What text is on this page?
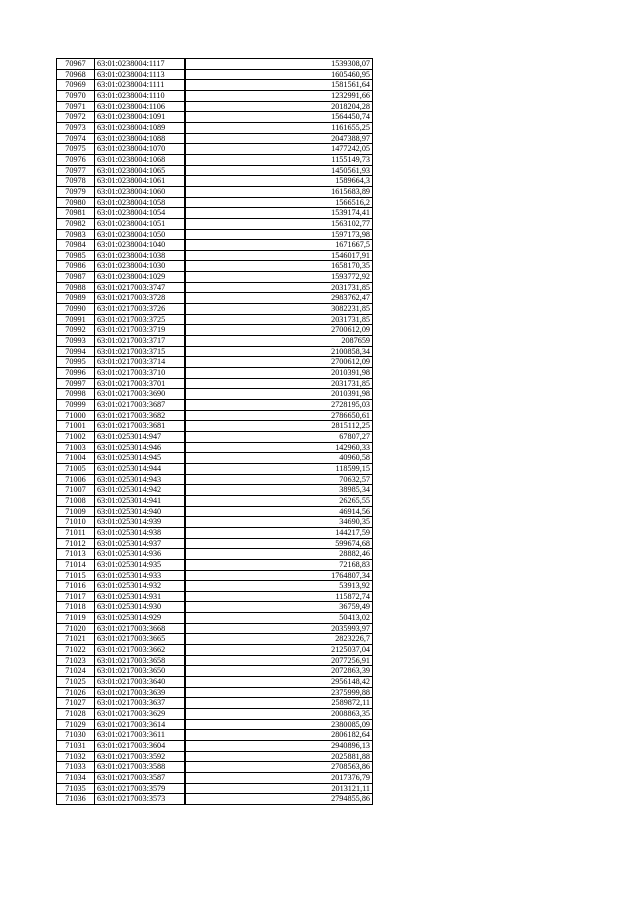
70967	63:01:0238004:1117	1539308,07
70968	63:01:0238004:1113	1605460,95
70969	63:01:0238004:1111	1581561,64
70970	63:01:0238004:1110	1232991,66
70971	63:01:0238004:1106	2018204,28
70972	63:01:0238004:1091	1564450,74
70973	63:01:0238004:1089	1161655,25
70974	63:01:0238004:1088	2047388,97
70975	63:01:0238004:1070	1477242,05
70976	63:01:0238004:1068	1155149,73
70977	63:01:0238004:1065	1450561,93
70978	63:01:0238004:1061	1589664,3
70979	63:01:0238004:1060	1615683,89
70980	63:01:0238004:1058	1566516,2
70981	63:01:0238004:1054	1539174,41
70982	63:01:0238004:1051	1563102,77
70983	63:01:0238004:1050	1597173,98
70984	63:01:0238004:1040	1671667,5
70985	63:01:0238004:1038	1546017,91
70986	63:01:0238004:1030	1658170,35
70987	63:01:0238004:1029	1593772,92
70988	63:01:0217003:3747	2031731,85
70989	63:01:0217003:3728	2983762,47
70990	63:01:0217003:3726	3082231,85
70991	63:01:0217003:3725	2031731,85
70992	63:01:0217003:3719	2700612,09
70993	63:01:0217003:3717	2087659
70994	63:01:0217003:3715	2100858,34
70995	63:01:0217003:3714	2700612,09
70996	63:01:0217003:3710	2010391,98
70997	63:01:0217003:3701	2031731,85
70998	63:01:0217003:3690	2010391,98
70999	63:01:0217003:3687	2728195,03
71000	63:01:0217003:3682	2786650,61
71001	63:01:0217003:3681	2815112,25
71002	63:01:0253014:947	67807,27
71003	63:01:0253014:946	142960,33
71004	63:01:0253014:945	40960,58
71005	63:01:0253014:944	118599,15
71006	63:01:0253014:943	70632,57
71007	63:01:0253014:942	38985,34
71008	63:01:0253014:941	26265,55
71009	63:01:0253014:940	46914,56
71010	63:01:0253014:939	34690,35
71011	63:01:0253014:938	144217,59
71012	63:01:0253014:937	599674,68
71013	63:01:0253014:936	28882,46
71014	63:01:0253014:935	72168,83
71015	63:01:0253014:933	1764807,34
71016	63:01:0253014:932	53913,92
71017	63:01:0253014:931	115872,74
71018	63:01:0253014:930	36759,49
71019	63:01:0253014:929	50413,02
71020	63:01:0217003:3668	2035993,97
71021	63:01:0217003:3665	2823226,7
71022	63:01:0217003:3662	2125037,04
71023	63:01:0217003:3658	2077256,91
71024	63:01:0217003:3650	2072863,39
71025	63:01:0217003:3640	2956148,42
71026	63:01:0217003:3639	2375999,88
71027	63:01:0217003:3637	2589872,11
71028	63:01:0217003:3629	2008863,35
71029	63:01:0217003:3614	2380085,09
71030	63:01:0217003:3611	2806182,64
71031	63:01:0217003:3604	2940896,13
71032	63:01:0217003:3592	2025881,88
71033	63:01:0217003:3588	2708563,86
71034	63:01:0217003:3587	2017376,79
71035	63:01:0217003:3579	2013121,11
71036	63:01:0217003:3573	2794855,86
